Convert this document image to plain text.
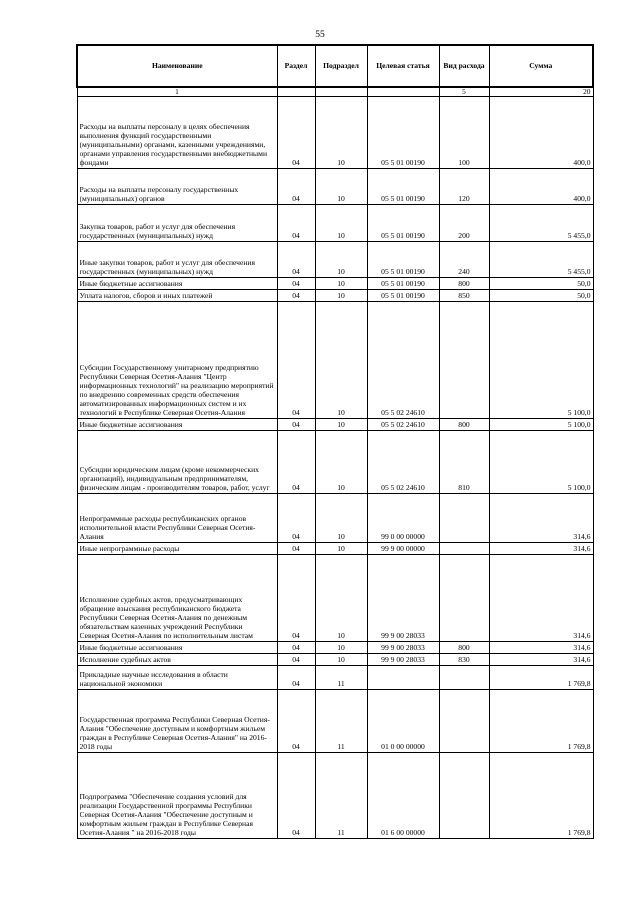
55
Наименование	Раздел	Подраздел	Целевая статья	Вид расхода	Сумма
1				5	20

Расходы на выплаты персоналу в целях обеспечения выполнения функций государственными (муниципальными) органами, казенными учреждениями, органами управления государственными внебюджетными фондами	04	10	05 5 01 00190	100	400,0

Расходы на выплаты персоналу государственных (муниципальных) органов	04	10	05 5 01 00190	120	400,0

Закупка товаров, работ и услуг для обеспечения государственных (муниципальных) нужд	04	10	05 5 01 00190	200	5 455,0

Иные закупки товаров, работ и услуг для обеспечения государственных (муниципальных) нужд	04	10	05 5 01 00190	240	5 455,0

Иные бюджетные ассигнования	04	10	05 5 01 00190	800	50,0

Уплата налогов, сборов и иных платежей	04	10	05 5 01 00190	850	50,0

Субсидии Государственному унитарному предприятию Республики Северная Осетия-Алания "Центр информационных технологий" на реализацию мероприятий по внедрению современных средств обеспечения автоматизированных информационных систем и их технологий в Республике Северная Осетия-Алания	04	10	05 5 02 24610		5 100,0

Иные бюджетные ассигнования	04	10	05 5 02 24610	800	5 100,0

Субсидии юридическим лицам (кроме некоммерческих организаций), индивидуальным предпринимателям, физическим лицам - производителям товаров, работ, услуг	04	10	05 5 02 24610	810	5 100,0

Непрограммные расходы республиканских органов исполнительной власти Республики Северная Осетия-Алания	04	10	99 0 00 00000		314,6

Иные непрограммные расходы	04	10	99 9 00 00000		314,6

Исполнение судебных актов, предусматривающих обращение взыскания республиканского бюджета Республики Северная Осетия-Алания по денежным обязательствам казенных учреждений Республики Северная Осетия-Алания по исполнительным листам	04	10	99 9 00 28033		314,6

Иные бюджетные ассигнования	04	10	99 9 00 28033	800	314,6

Исполнение судебных актов	04	10	99 9 00 28033	830	314,6

Прикладные научные исследования в области национальной экономики	04	11			1 769,8

Государственная программа Республики Северная Осетия-Алания "Обеспечение доступным и комфортным жильем граждан в Республике Северная Осетия-Алания" на 2016-2018 годы	04	11	01 0 00 00000		1 769,8

Подпрограмма "Обеспечение создания условий для реализации Государственной программы Республики Северная Осетия-Алания "Обеспечение доступным и комфортным жильем граждан в Республике Северная Осетия-Алания " на 2016-2018 годы	04	11	01 6 00 00000		1 769,8
